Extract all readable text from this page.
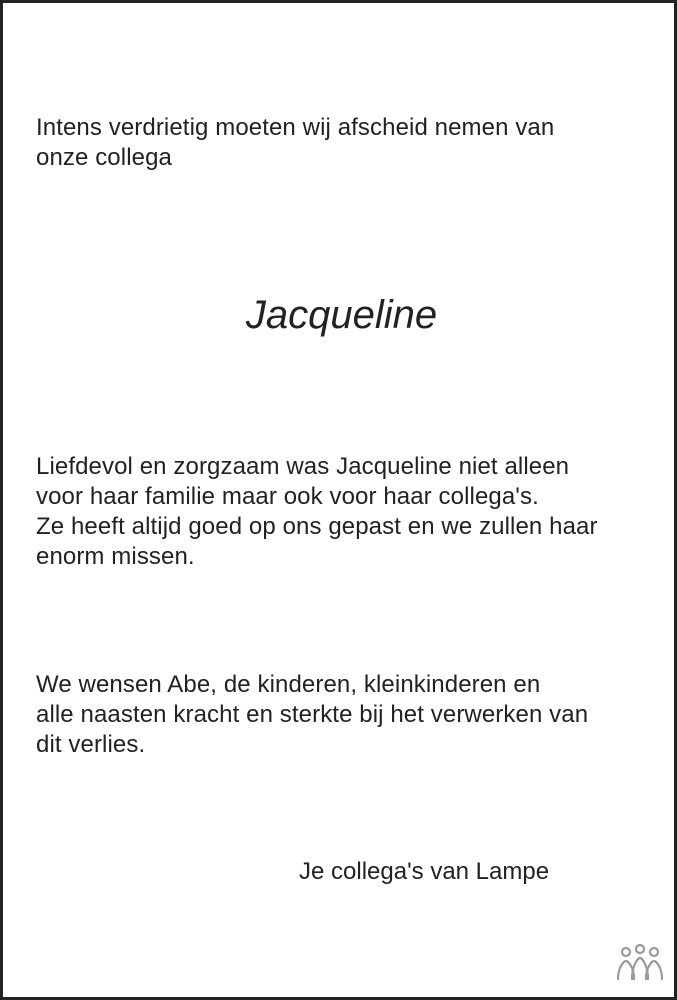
Intens verdrietig moeten wij afscheid nemen van
onze collega

Jacqueline

Liefdevol en zorgzaam was Jacqueline niet alleen
voor haar familie maar ook voor haar collega's.
Ze heeft altijd goed op ons gepast en we zullen haar
enorm missen.

We wensen Abe, de kinderen, kleinkinderen en
alle naasten kracht en sterkte bij het verwerken van
dit verlies.

Je collega's van Lampe
